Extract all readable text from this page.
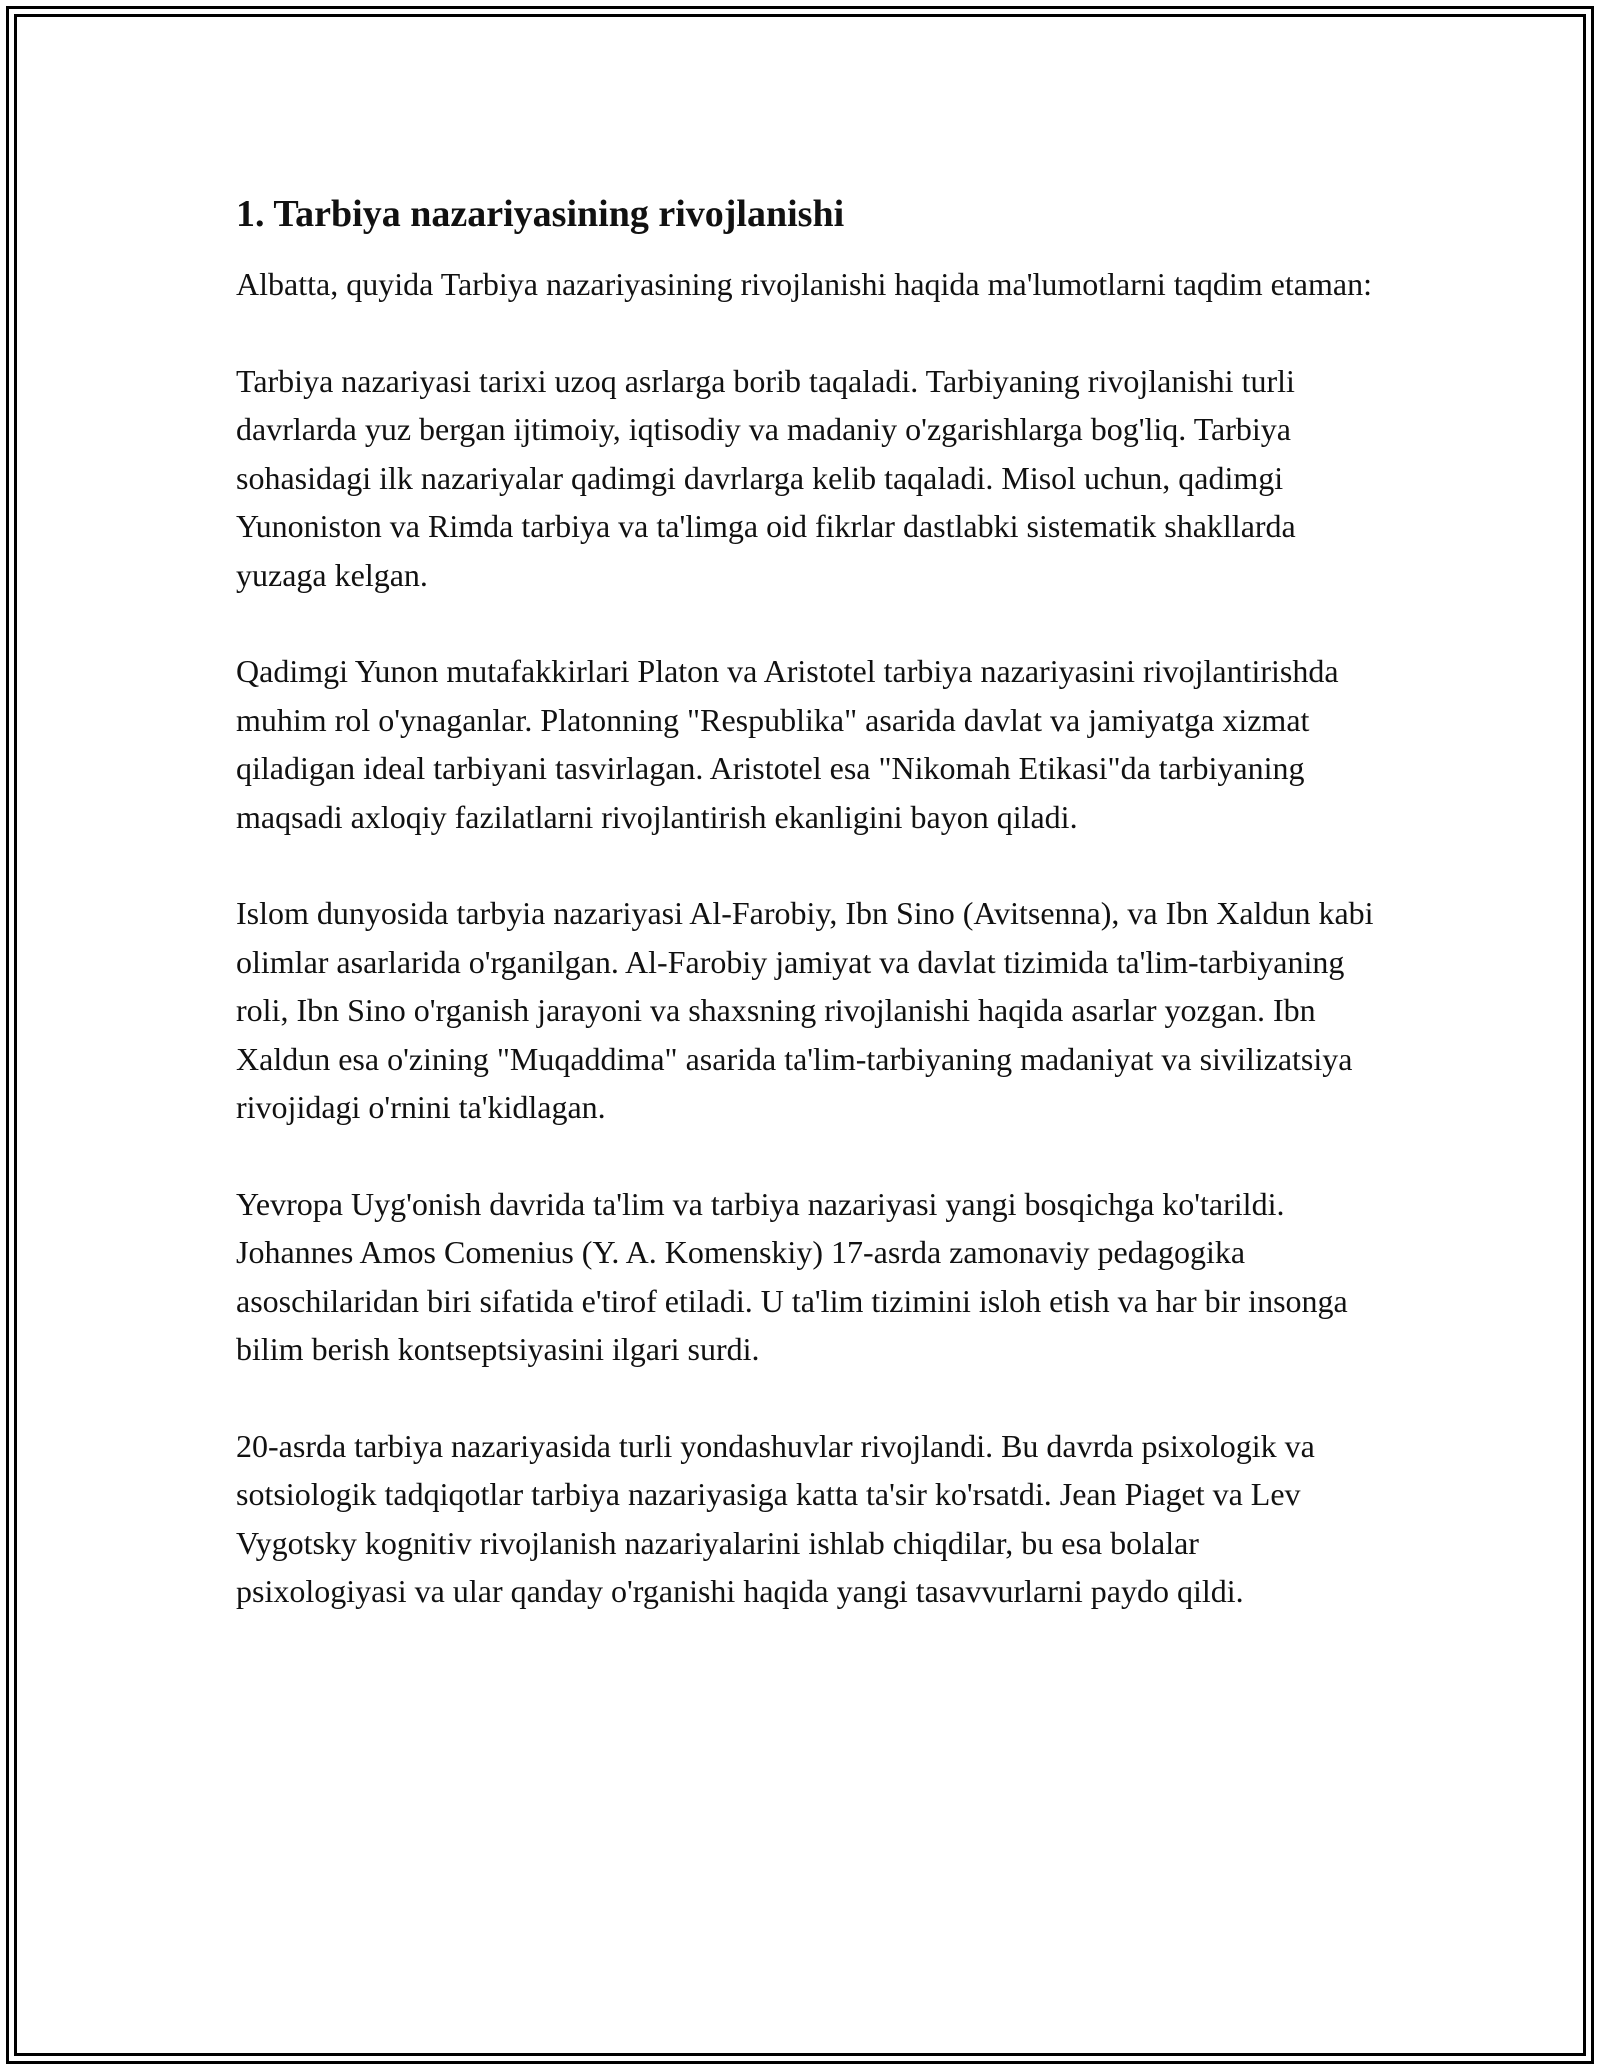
1. Tarbiya nazariyasining rivojlanishi

Albatta, quyida Tarbiya nazariyasining rivojlanishi haqida ma'lumotlarni taqdim etaman:

Tarbiya nazariyasi tarixi uzoq asrlarga borib taqaladi. Tarbiyaning rivojlanishi turli davrlarda yuz bergan ijtimoiy, iqtisodiy va madaniy o'zgarishlarga bog'liq. Tarbiya sohasidagi ilk nazariyalar qadimgi davrlarga kelib taqaladi. Misol uchun, qadimgi Yunoniston va Rimda tarbiya va ta'limga oid fikrlar dastlabki sistematik shakllarda yuzaga kelgan.

Qadimgi Yunon mutafakkirlari Platon va Aristotel tarbiya nazariyasini rivojlantirishda muhim rol o'ynaganlar. Platonning "Respublika" asarida davlat va jamiyatga xizmat qiladigan ideal tarbiyani tasvirlagan. Aristotel esa "Nikomah Etikasi"da tarbiyaning maqsadi axloqiy fazilatlarni rivojlantirish ekanligini bayon qiladi.

Islom dunyosida tarbyia nazariyasi Al-Farobiy, Ibn Sino (Avitsenna), va Ibn Xaldun kabi olimlar asarlarida o'rganilgan. Al-Farobiy jamiyat va davlat tizimida ta'lim-tarbiyaning roli, Ibn Sino o'rganish jarayoni va shaxsning rivojlanishi haqida asarlar yozgan. Ibn Xaldun esa o'zining "Muqaddima" asarida ta'lim-tarbiyaning madaniyat va sivilizatsiya rivojidagi o'rnini ta'kidlagan.

Yevropa Uyg'onish davrida ta'lim va tarbiya nazariyasi yangi bosqichga ko'tarildi. Johannes Amos Comenius (Y. A. Komenskiy) 17-asrda zamonaviy pedagogika asoschilaridan biri sifatida e'tirof etiladi. U ta'lim tizimini isloh etish va har bir insonga bilim berish kontseptsiyasini ilgari surdi.

20-asrda tarbiya nazariyasida turli yondashuvlar rivojlandi. Bu davrda psixologik va sotsiologik tadqiqotlar tarbiya nazariyasiga katta ta'sir ko'rsatdi. Jean Piaget va Lev Vygotsky kognitiv rivojlanish nazariyalarini ishlab chiqdilar, bu esa bolalar psixologiyasi va ular qanday o'rganishi haqida yangi tasavvurlarni paydo qildi.
